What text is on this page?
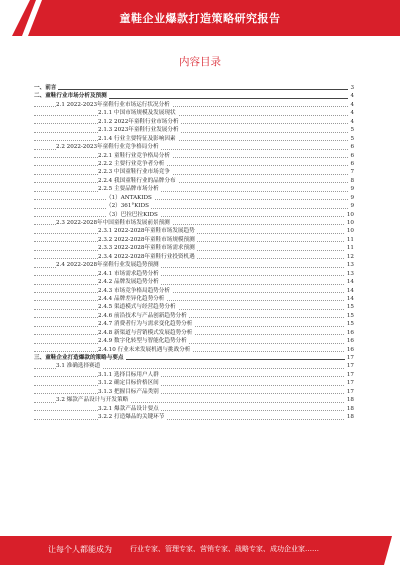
童鞋企业爆款打造策略研究报告
内容目录
一、前言	3
二、童鞋行业市场分析及预测	4
2.1 2022-2023年童鞋行业市场运行状况分析	4
2.1.1 中国市场规模及发展现状	4
2.1.2 2022年童鞋行业市场分析	4
2.1.3 2023年童鞋行业发展分析	5
2.1.4 行业主要特征及影响因素	5
2.2 2022-2023年童鞋行业竞争格局分析	6
2.2.1 童鞋行业竞争格局分析	6
2.2.2 主要行业竞争者分析	6
2.2.3 中国童鞋行业市场竞争	7
2.2.4 我国童鞋行业的品牌分布	8
2.2.5 主要品牌市场分析	9
（1）ANTAKIDS	9
（2）361°KIDS	9
（3）巴拉巴拉KIDS	10
2.3 2022-2028年中国童鞋市场发展前景预测	10
2.3.1 2022-2028年童鞋市场发展趋势	10
2.3.2 2022-2028年童鞋市场规模预测	11
2.3.3 2022-2028年童鞋市场需求预测	11
2.3.4 2022-2028年童鞋行业投资机遇	12
2.4 2022-2028年童鞋行业发展趋势预测	13
2.4.1 市场需求趋势分析	13
2.4.2 品牌发展趋势分析	14
2.4.3 市场竞争格局趋势分析	14
2.4.4 品牌差异化趋势分析	14
2.4.5 渠道模式与经营趋势分析	15
2.4.6 前沿技术与产品创新趋势分析	15
2.4.7 消费者行为与需求变化趋势分析	15
2.4.8 新渠道与营销模式发展趋势分析	16
2.4.9 数字化转型与智能化趋势分析	16
2.4.10 行业未来发展机遇与挑战分析	16
三、童鞋企业打造爆款的策略与要点	17
3.1 准确选择赛道	17
3.1.1 选择目标用户人群	17
3.1.2 确定目标价格区间	17
3.1.3 把握目标产品类别	17
3.2 爆款产品设计与开发策略	18
3.2.1 爆款产品设计要点	18
3.2.2 打造爆品的关键环节	18
让每个人都能成为	行业专家、管理专家、营销专家、战略专家、成功企业家……
